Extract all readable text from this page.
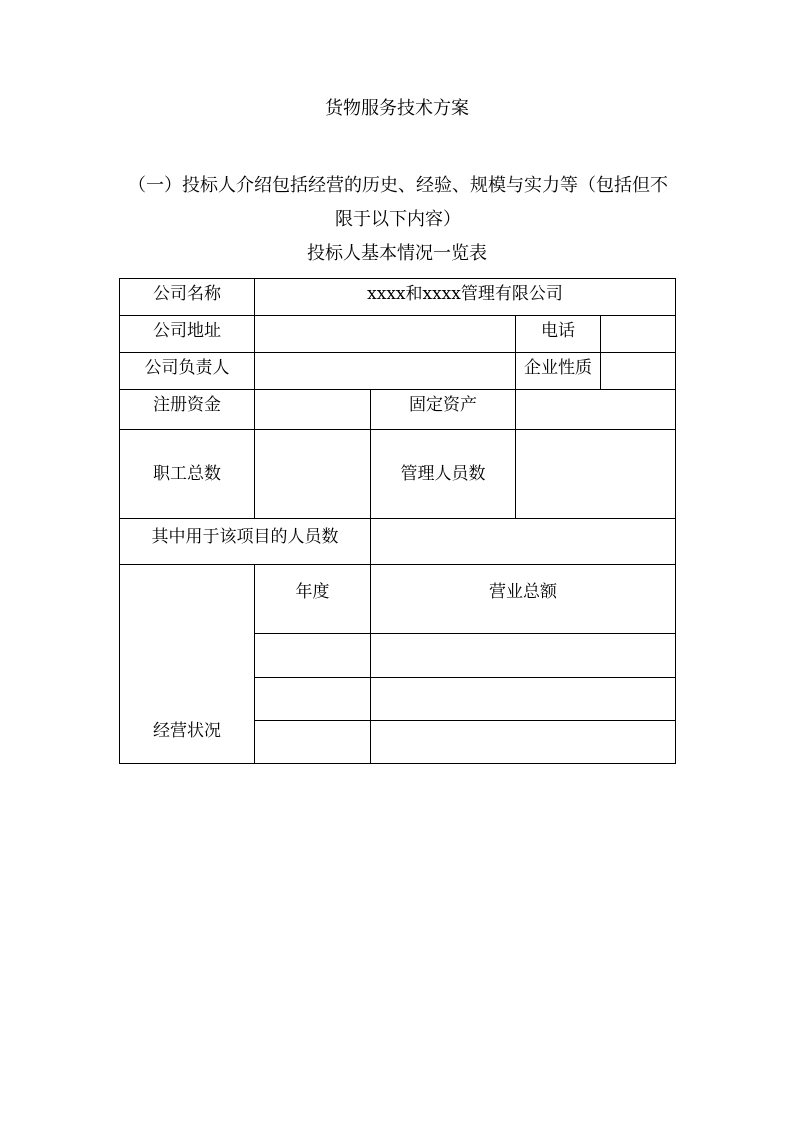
货物服务技术方案
（一）投标人介绍包括经营的历史、经验、规模与实力等（包括但不限于以下内容）
投标人基本情况一览表
公司名称	xxxx和xxxx管理有限公司			
公司地址			电话	
公司负责人			企业性质	
注册资金		固定资产		
职工总数		管理人员数		
其中用于该项目的人员数				
经营状况	年度	营业总额		
